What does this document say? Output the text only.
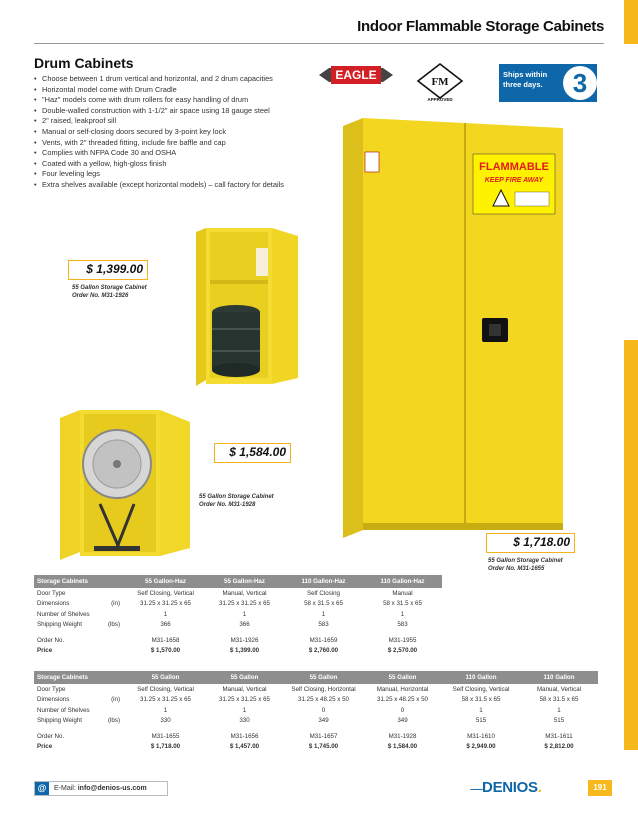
Indoor Flammable Storage Cabinets
Drum Cabinets
• Choose between 1 drum vertical and horizontal, and 2 drum capacities
• Horizontal model come with Drum Cradle
• "Haz" models come with drum rollers for easy handling of drum
• Double-walled construction with 1-1/2" air space using 18 gauge steel
• 2" raised, leakproof sill
• Manual or self-closing doors secured by 3-point key lock
• Vents, with 2" threaded fitting, include fire baffle and cap
• Complies with NFPA Code 30 and OSHA
• Coated with a yellow, high-gloss finish
• Four leveling legs
• Extra shelves available (except horizontal models) – call factory for details
EAGLE	FM
APPROVED
Ships within three days.	3
FLAMMABLE
KEEP FIRE AWAY
$ 1,399.00
55 Gallon Storage Cabinet
Order No. M31-1926
$ 1,584.00
55 Gallon Storage Cabinet
Order No. M31-1928
$ 1,718.00
55 Gallon Storage Cabinet
Order No. M31-1655
Storage Cabinets		55 Gallon-Haz	55 Gallon-Haz	110 Gallon-Haz	110 Gallon-Haz
Door Type		Self Closing, Vertical	Manual, Vertical	Self Closing	Manual
Dimensions	(in)	31.25 x 31.25 x 65	31.25 x 31.25 x 65	58 x 31.5 x 65	58 x 31.5 x 65
Number of Shelves		1	1	1	1
Shipping Weight	(lbs)	366	366	583	583

Order No.		M31-1658	M31-1926	M31-1659	M31-1955
Price		$ 1,570.00	$ 1,399.00	$ 2,760.00	$ 2,570.00
Storage Cabinets		55 Gallon	55 Gallon	55 Gallon	55 Gallon	110 Gallon	110 Gallon
Door Type		Self Closing, Vertical	Manual, Vertical	Self Closing, Horizontal	Manual, Horizontal	Self Closing, Vertical	Manual, Vertical
Dimensions	(in)	31.25 x 31.25 x 65	31.25 x 31.25 x 65	31.25 x 48.25 x 50	31.25 x 48.25 x 50	58 x 31.5 x 65	58 x 31.5 x 65
Number of Shelves		1	1	0	0	1	1
Shipping Weight	(lbs)	330	330	349	349	515	515

Order No.		M31-1655	M31-1656	M31-1657	M31-1928	M31-1610	M31-1611
Price		$ 1,718.00	$ 1,457.00	$ 1,745.00	$ 1,584.00	$ 2,949.00	$ 2,812.00
@	E-Mail: info@denios-us.com	–––DENIOS.	191
